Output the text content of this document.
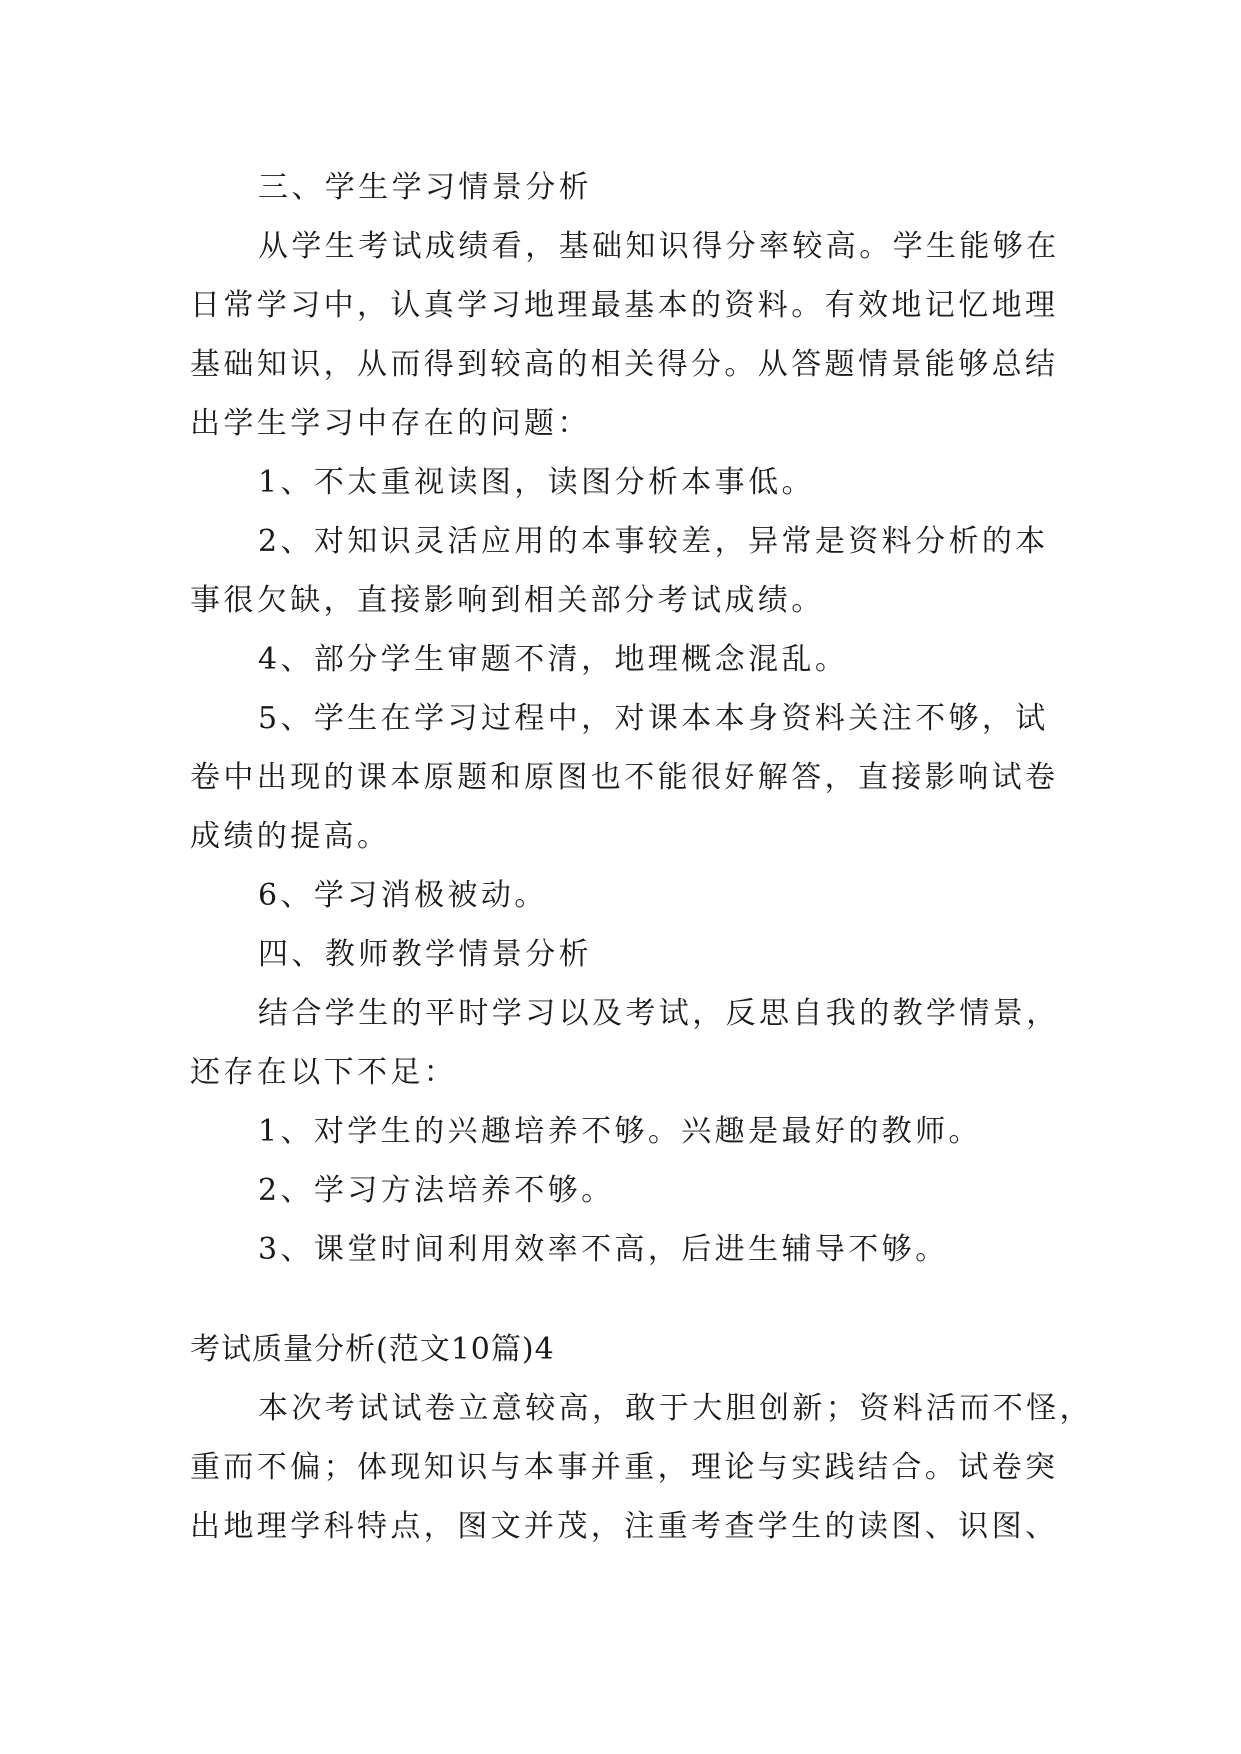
三、学生学习情景分析
从学生考试成绩看，基础知识得分率较高。学生能够在
日常学习中，认真学习地理最基本的资料。有效地记忆地理
基础知识，从而得到较高的相关得分。从答题情景能够总结
出学生学习中存在的问题：
1、不太重视读图，读图分析本事低。
2、对知识灵活应用的本事较差，异常是资料分析的本
事很欠缺，直接影响到相关部分考试成绩。
4、部分学生审题不清，地理概念混乱。
5、学生在学习过程中，对课本本身资料关注不够，试
卷中出现的课本原题和原图也不能很好解答，直接影响试卷
成绩的提高。
6、学习消极被动。
四、教师教学情景分析
结合学生的平时学习以及考试，反思自我的教学情景，
还存在以下不足：
1、对学生的兴趣培养不够。兴趣是最好的教师。
2、学习方法培养不够。
3、课堂时间利用效率不高，后进生辅导不够。
考试质量分析(范文10篇)4
本次考试试卷立意较高，敢于大胆创新；资料活而不怪，
重而不偏；体现知识与本事并重，理论与实践结合。试卷突
出地理学科特点，图文并茂，注重考查学生的读图、识图、
